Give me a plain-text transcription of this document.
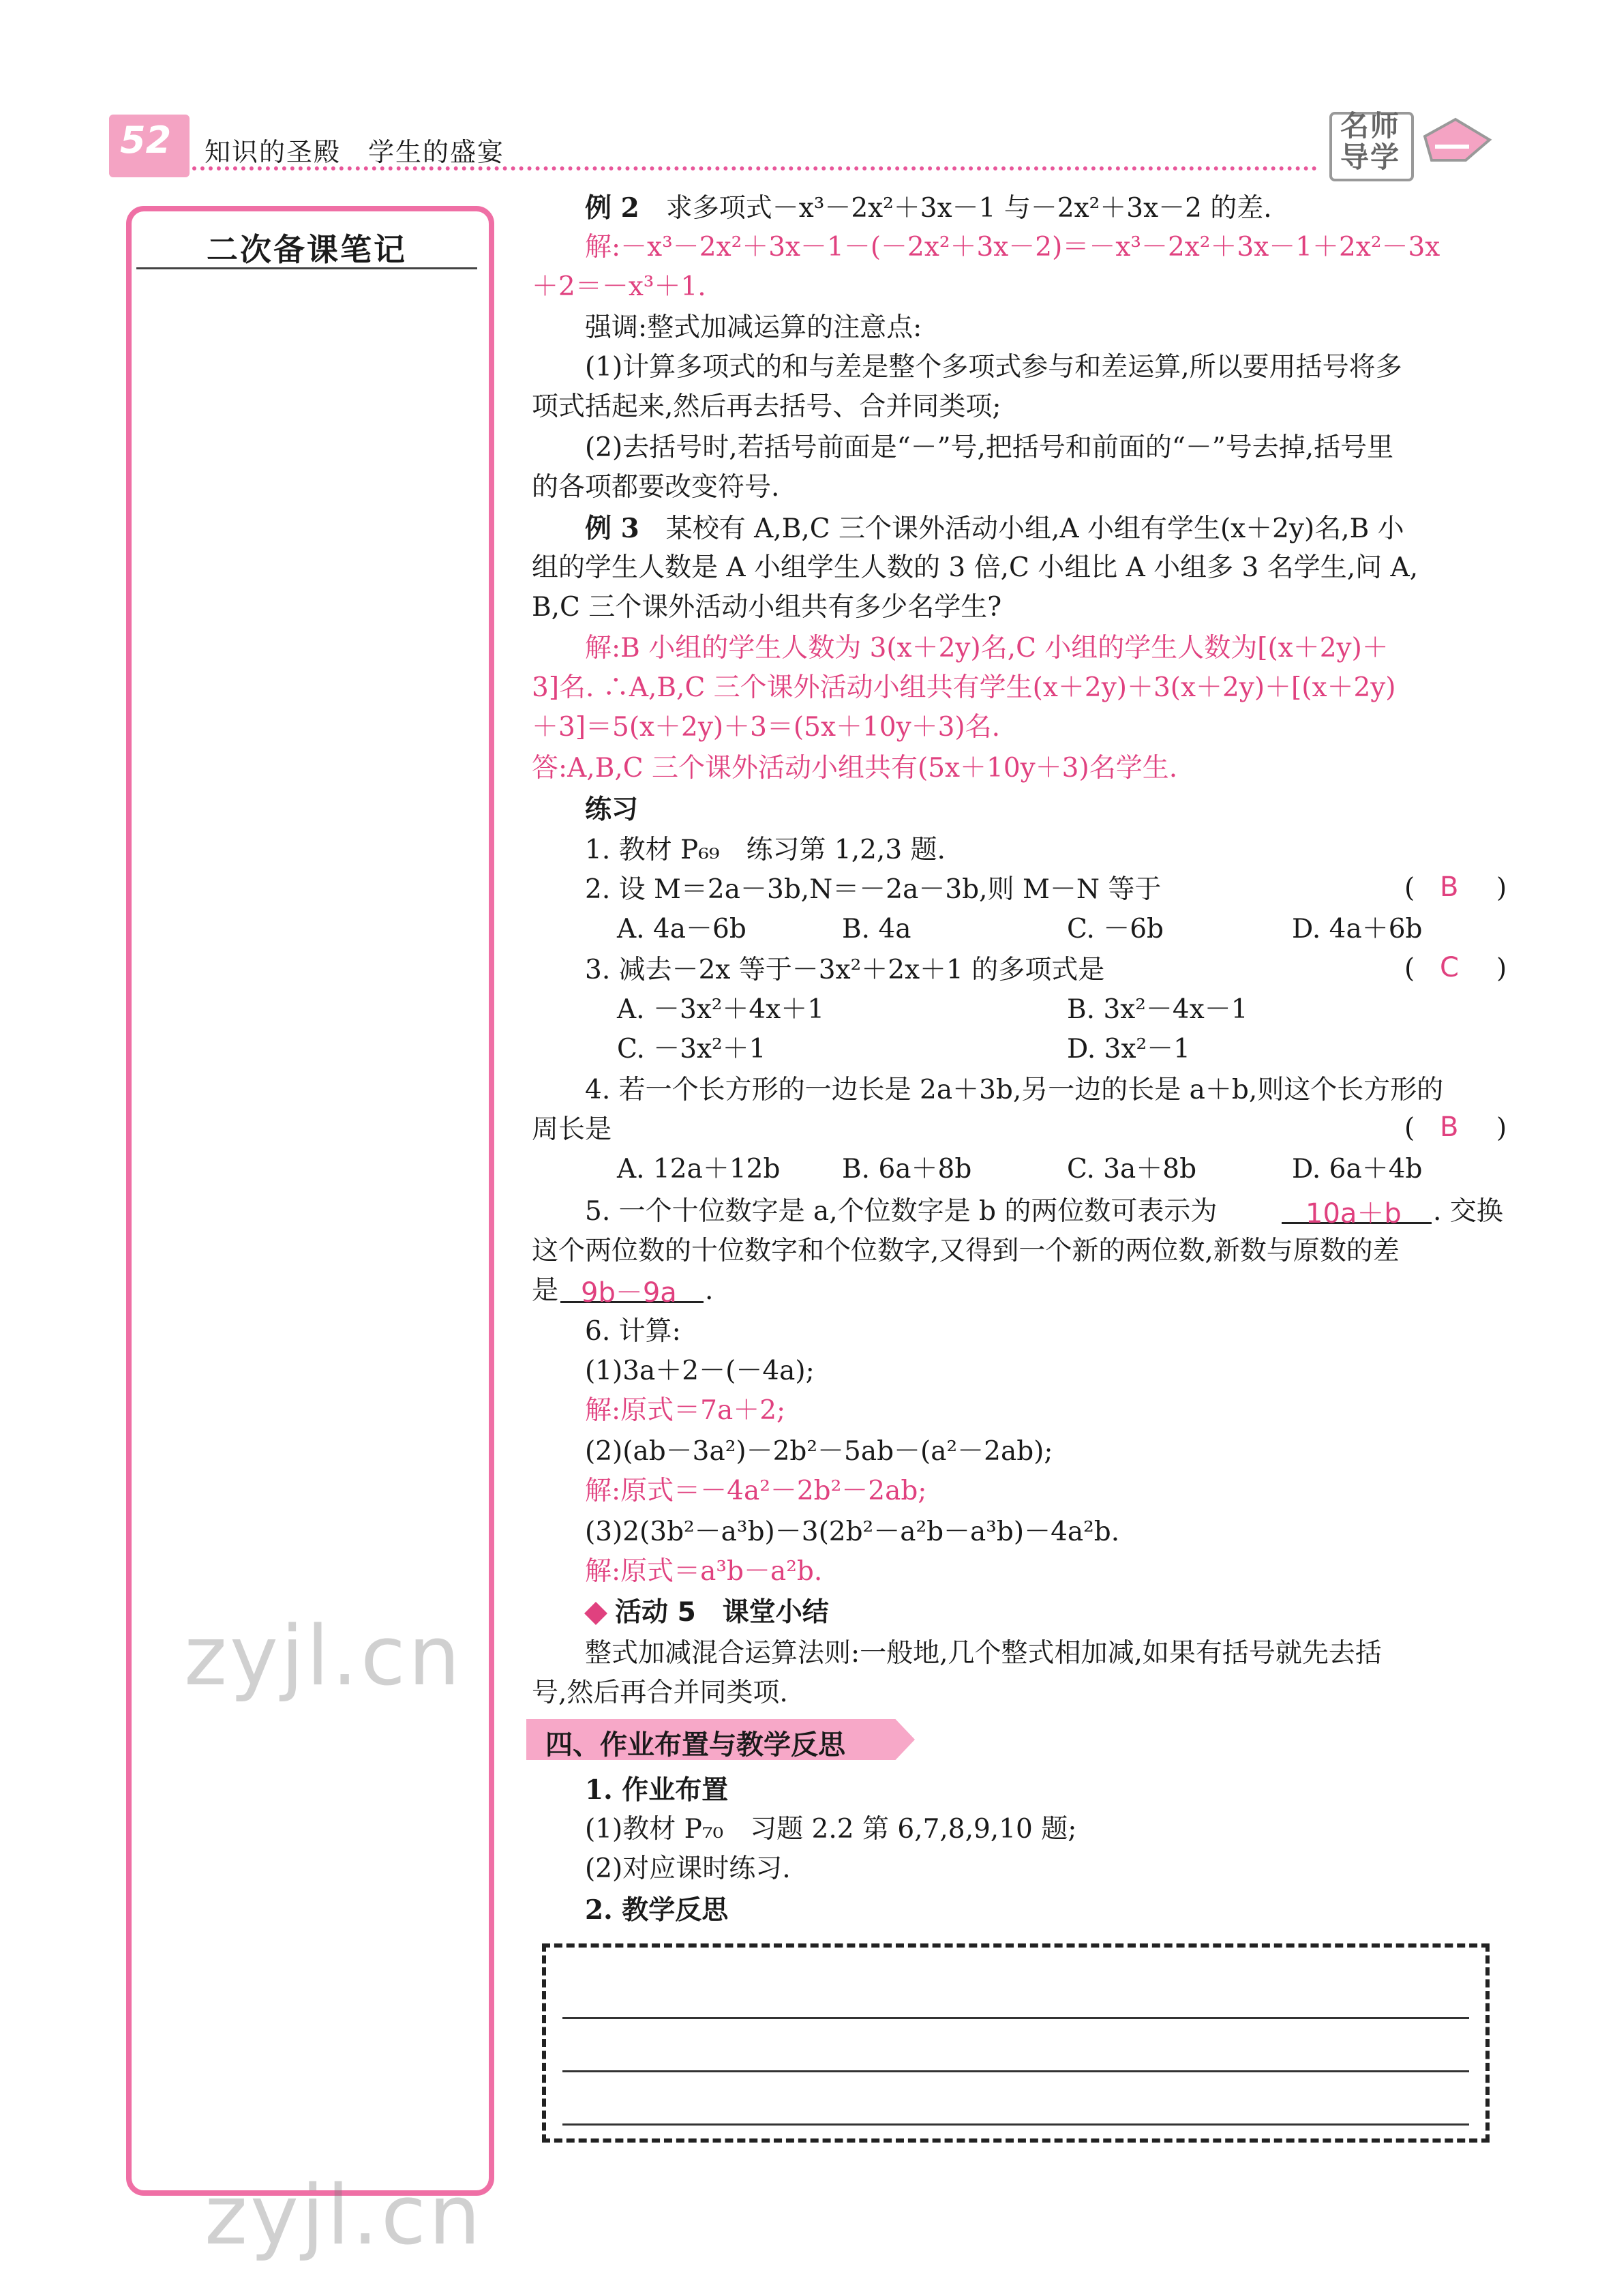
52 知识的圣殿　学生的盛宴
名师
导学
二次备课笔记
例 2　 求多项式－x³－2x²＋3x－1 与－2x²＋3x－2 的差.
解:－x³－2x²＋3x－1－(－2x²＋3x－2)＝－x³－2x²＋3x－1＋2x²－3x
＋2＝－x³＋1.
强调:整式加减运算的注意点:
(1)计算多项式的和与差是整个多项式参与和差运算,所以要用括号将多
项式括起来,然后再去括号、合并同类项;
(2)去括号时,若括号前面是“－”号,把括号和前面的“－”号去掉,括号里
的各项都要改变符号.
例 3　 某校有 A,B,C 三个课外活动小组,A 小组有学生(x＋2y)名,B 小
组的学生人数是 A 小组学生人数的 3 倍,C 小组比 A 小组多 3 名学生,问 A,
B,C 三个课外活动小组共有多少名学生?
解:B 小组的学生人数为 3(x＋2y)名,C 小组的学生人数为[(x＋2y)＋
3]名. ∴A,B,C 三个课外活动小组共有学生(x＋2y)＋3(x＋2y)＋[(x＋2y)
＋3]＝5(x＋2y)＋3＝(5x＋10y＋3)名.
答:A,B,C 三个课外活动小组共有(5x＋10y＋3)名学生.
练习
1. 教材 P₆₉　练习第 1,2,3 题.
2. 设 M＝2a－3b,N＝－2a－3b,则 M－N 等于	( B )
A. 4a－6b	B. 4a	C. －6b	D. 4a＋6b
3. 减去－2x 等于－3x²＋2x＋1 的多项式是	( C )
A. －3x²＋4x＋1	B. 3x²－4x－1
C. －3x²＋1	D. 3x²－1
4. 若一个长方形的一边长是 2a＋3b,另一边的长是 a＋b,则这个长方形的
周长是	( B )
A. 12a＋12b B. 6a＋8b	C. 3a＋8b	D. 6a＋4b
5. 一个十位数字是 a,个位数字是 b 的两位数可表示为	10a＋b . 交换
这个两位数的十位数字和个位数字,又得到一个新的两位数,新数与原数的差
是 9b－9a .
6. 计算:
(1)3a＋2－(－4a);
解:原式＝7a＋2;
(2)(ab－3a²)－2b²－5ab－(a²－2ab);
解:原式＝－4a²－2b²－2ab;
(3)2(3b²－a³b)－3(2b²－a²b－a³b)－4a²b.
解:原式＝a³b－a²b.
活动 5　课堂小结
整式加减混合运算法则:一般地,几个整式相加减,如果有括号就先去括
号,然后再合并同类项.
四、作业布置与教学反思
1. 作业布置
(1)教材 P₇₀　习题 2.2 第 6,7,8,9,10 题;
(2)对应课时练习.
2. 教学反思
zyjl.cn
zyjl.cn
